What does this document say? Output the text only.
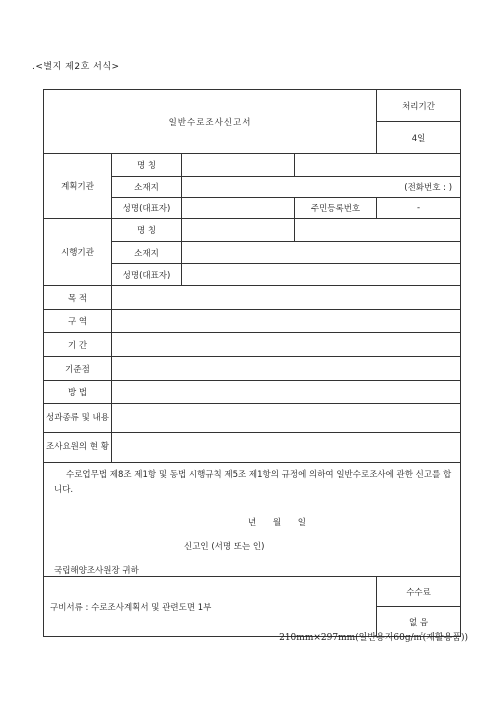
.<별지 제2호 서식>
일반수로조사신고서				처리기간
				4일
계획기관	명 칭			
	소재지	(전화번호 : )		
	성명(대표자)		주민등록번호	-
시행기관	명 칭			
	소재지			
	성명(대표자)			
목 적				
구 역				
기 간				
기준점				
방 법				
성과종류 및 내용				
조사요원의 현 황				

수로업무법 제8조 제1항 및 동법 시행규칙 제5조 제1항의 규정에 의하여 일반수로조사에 관한 신고를 합니다.
년 월 일
신고인 (서명 또는 인)
국립해양조사원장 귀하				

구비서류 : 수로조사계획서 및 관련도면 1부				수수료
				없 음
210mm×297mm(일반용지60g/㎡(재활용품))
